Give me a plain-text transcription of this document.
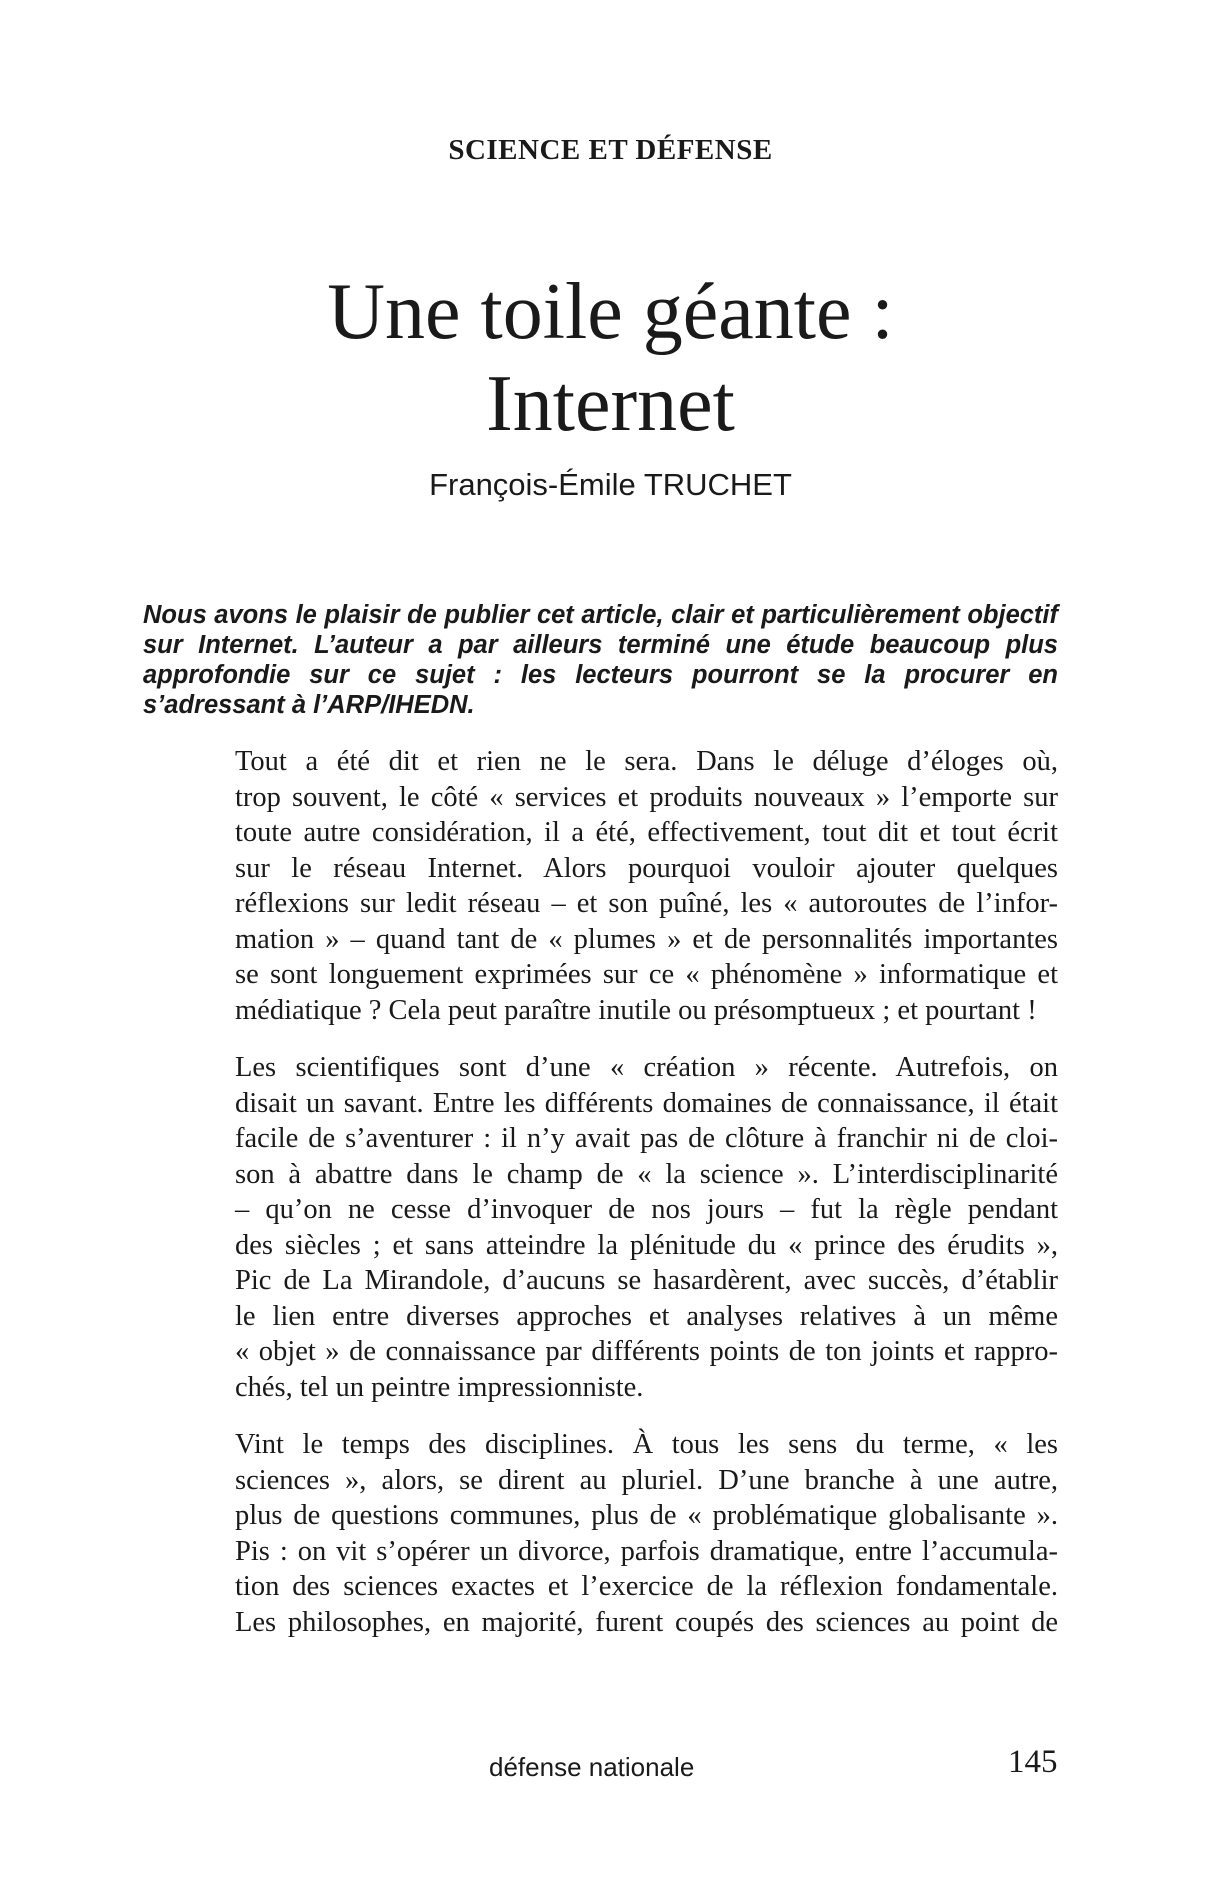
SCIENCE ET DÉFENSE
Une toile géante :
Internet
François-Émile TRUCHET
Nous avons le plaisir de publier cet article, clair et particulièrement objectif sur Internet. L’auteur a par ailleurs terminé une étude beaucoup plus approfondie sur ce sujet : les lecteurs pourront se la procurer en s’adressant à l’ARP/IHEDN.

Tout a été dit et rien ne le sera. Dans le déluge d’éloges où,
trop souvent, le côté « services et produits nouveaux » l’emporte sur
toute autre considération, il a été, effectivement, tout dit et tout écrit
sur le réseau Internet. Alors pourquoi vouloir ajouter quelques
réflexions sur ledit réseau – et son puîné, les « autoroutes de l’infor-
mation » – quand tant de « plumes » et de personnalités importantes
se sont longuement exprimées sur ce « phénomène » informatique et
médiatique ? Cela peut paraître inutile ou présomptueux ; et pourtant !

Les scientifiques sont d’une « création » récente. Autrefois, on
disait un savant. Entre les différents domaines de connaissance, il était
facile de s’aventurer : il n’y avait pas de clôture à franchir ni de cloi-
son à abattre dans le champ de « la science ». L’interdisciplinarité
– qu’on ne cesse d’invoquer de nos jours – fut la règle pendant
des siècles ; et sans atteindre la plénitude du « prince des érudits »,
Pic de La Mirandole, d’aucuns se hasardèrent, avec succès, d’établir
le lien entre diverses approches et analyses relatives à un même
« objet » de connaissance par différents points de ton joints et rappro-
chés, tel un peintre impressionniste.

Vint le temps des disciplines. À tous les sens du terme, « les
sciences », alors, se dirent au pluriel. D’une branche à une autre,
plus de questions communes, plus de « problématique globalisante ».
Pis : on vit s’opérer un divorce, parfois dramatique, entre l’accumula-
tion des sciences exactes et l’exercice de la réflexion fondamentale.
Les philosophes, en majorité, furent coupés des sciences au point de

défense nationale	145
